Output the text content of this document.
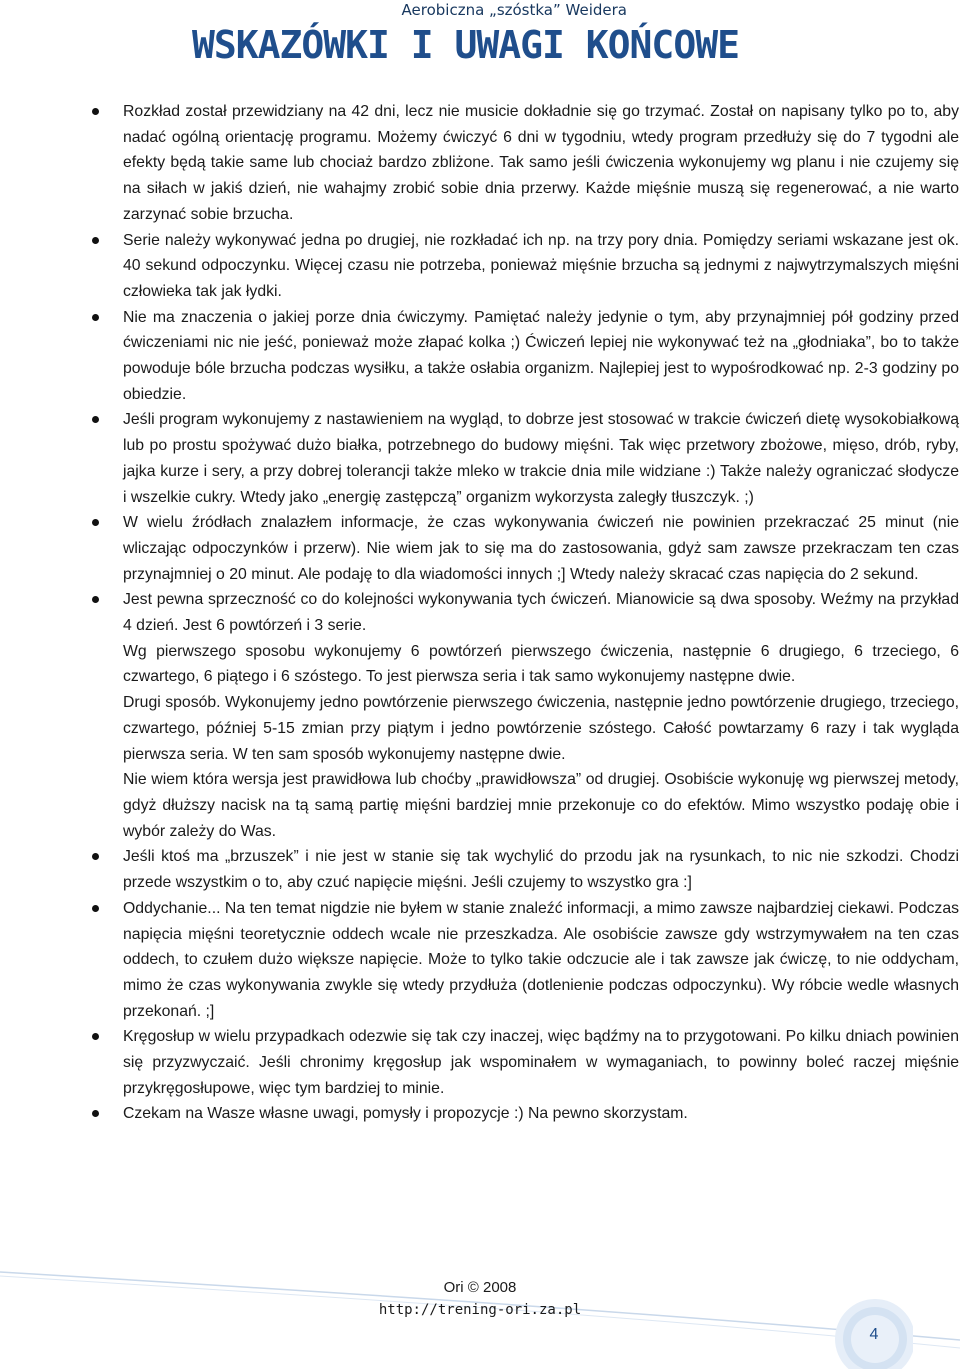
Aerobiczna „szóstka” Weidera
WSKAZÓWKI I UWAGI KOŃCOWE

Rozkład został przewidziany na 42 dni, lecz nie musicie dokładnie się go trzymać. Został on napisany tylko po to, aby nadać ogólną orientację programu. Możemy ćwiczyć 6 dni w tygodniu, wtedy program przedłuży się do 7 tygodni ale efekty będą takie same lub chociaż bardzo zbliżone. Tak samo jeśli ćwiczenia wykonujemy wg planu i nie czujemy się na siłach w jakiś dzień, nie wahajmy zrobić sobie dnia przerwy. Każde mięśnie muszą się regenerować, a nie warto zarzynać sobie brzucha.

Serie należy wykonywać jedna po drugiej, nie rozkładać ich np. na trzy pory dnia. Pomiędzy seriami wskazane jest ok. 40 sekund odpoczynku. Więcej czasu nie potrzeba, ponieważ mięśnie brzucha są jednymi z najwytrzymalszych mięśni człowieka tak jak łydki.

Nie ma znaczenia o jakiej porze dnia ćwiczymy. Pamiętać należy jedynie o tym, aby przynajmniej pół godziny przed ćwiczeniami nic nie jeść, ponieważ może złapać kolka ;) Ćwiczeń lepiej nie wykonywać też na „głodniaka”, bo to także powoduje bóle brzucha podczas wysiłku, a także osłabia organizm. Najlepiej jest to wypośrodkować np. 2-3 godziny po obiedzie.

Jeśli program wykonujemy z nastawieniem na wygląd, to dobrze jest stosować w trakcie ćwiczeń dietę wysokobiałkową lub po prostu spożywać dużo białka, potrzebnego do budowy mięśni. Tak więc przetwory zbożowe, mięso, drób, ryby, jajka kurze i sery, a przy dobrej tolerancji także mleko w trakcie dnia mile widziane :) Także należy ograniczać słodycze i wszelkie cukry. Wtedy jako „energię zastępczą” organizm wykorzysta zaległy tłuszczyk. ;)

W wielu źródłach znalazłem informacje, że czas wykonywania ćwiczeń nie powinien przekraczać 25 minut (nie wliczając odpoczynków i przerw). Nie wiem jak to się ma do zastosowania, gdyż sam zawsze przekraczam ten czas przynajmniej o 20 minut. Ale podaję to dla wiadomości innych ;] Wtedy należy skracać czas napięcia do 2 sekund.

Jest pewna sprzeczność co do kolejności wykonywania tych ćwiczeń. Mianowicie są dwa sposoby. Weźmy na przykład 4 dzień. Jest 6 powtórzeń i 3 serie.

Wg pierwszego sposobu wykonujemy 6 powtórzeń pierwszego ćwiczenia, następnie 6 drugiego, 6 trzeciego, 6 czwartego, 6 piątego i 6 szóstego. To jest pierwsza seria i tak samo wykonujemy następne dwie.

Drugi sposób. Wykonujemy jedno powtórzenie pierwszego ćwiczenia, następnie jedno powtórzenie drugiego, trzeciego, czwartego, później 5-15 zmian przy piątym i jedno powtórzenie szóstego. Całość powtarzamy 6 razy i tak wygląda pierwsza seria. W ten sam sposób wykonujemy następne dwie.

Nie wiem która wersja jest prawidłowa lub choćby „prawidłowsza” od drugiej. Osobiście wykonuję wg pierwszej metody, gdyż dłuższy nacisk na tą samą partię mięśni bardziej mnie przekonuje co do efektów. Mimo wszystko podaję obie i wybór zależy do Was.

Jeśli ktoś ma „brzuszek” i nie jest w stanie się tak wychylić do przodu jak na rysunkach, to nic nie szkodzi. Chodzi przede wszystkim o to, aby czuć napięcie mięśni. Jeśli czujemy to wszystko gra :]

Oddychanie... Na ten temat nigdzie nie byłem w stanie znaleźć informacji, a mimo zawsze najbardziej ciekawi. Podczas napięcia mięśni teoretycznie oddech wcale nie przeszkadza. Ale osobiście zawsze gdy wstrzymywałem na ten czas oddech, to czułem dużo większe napięcie. Może to tylko takie odczucie ale i tak zawsze jak ćwiczę, to nie oddycham, mimo że czas wykonywania zwykle się wtedy przydłuża (dotlenienie podczas odpoczynku). Wy róbcie wedle własnych przekonań. ;]

Kręgosłup w wielu przypadkach odezwie się tak czy inaczej, więc bądźmy na to przygotowani. Po kilku dniach powinien się przyzwyczaić. Jeśli chronimy kręgosłup jak wspominałem w wymaganiach, to powinny boleć raczej mięśnie przykręgosłupowe, więc tym bardziej to minie.

Czekam na Wasze własne uwagi, pomysły i propozycje :) Na pewno skorzystam.

Ori © 2008
http://trening-ori.za.pl
4
